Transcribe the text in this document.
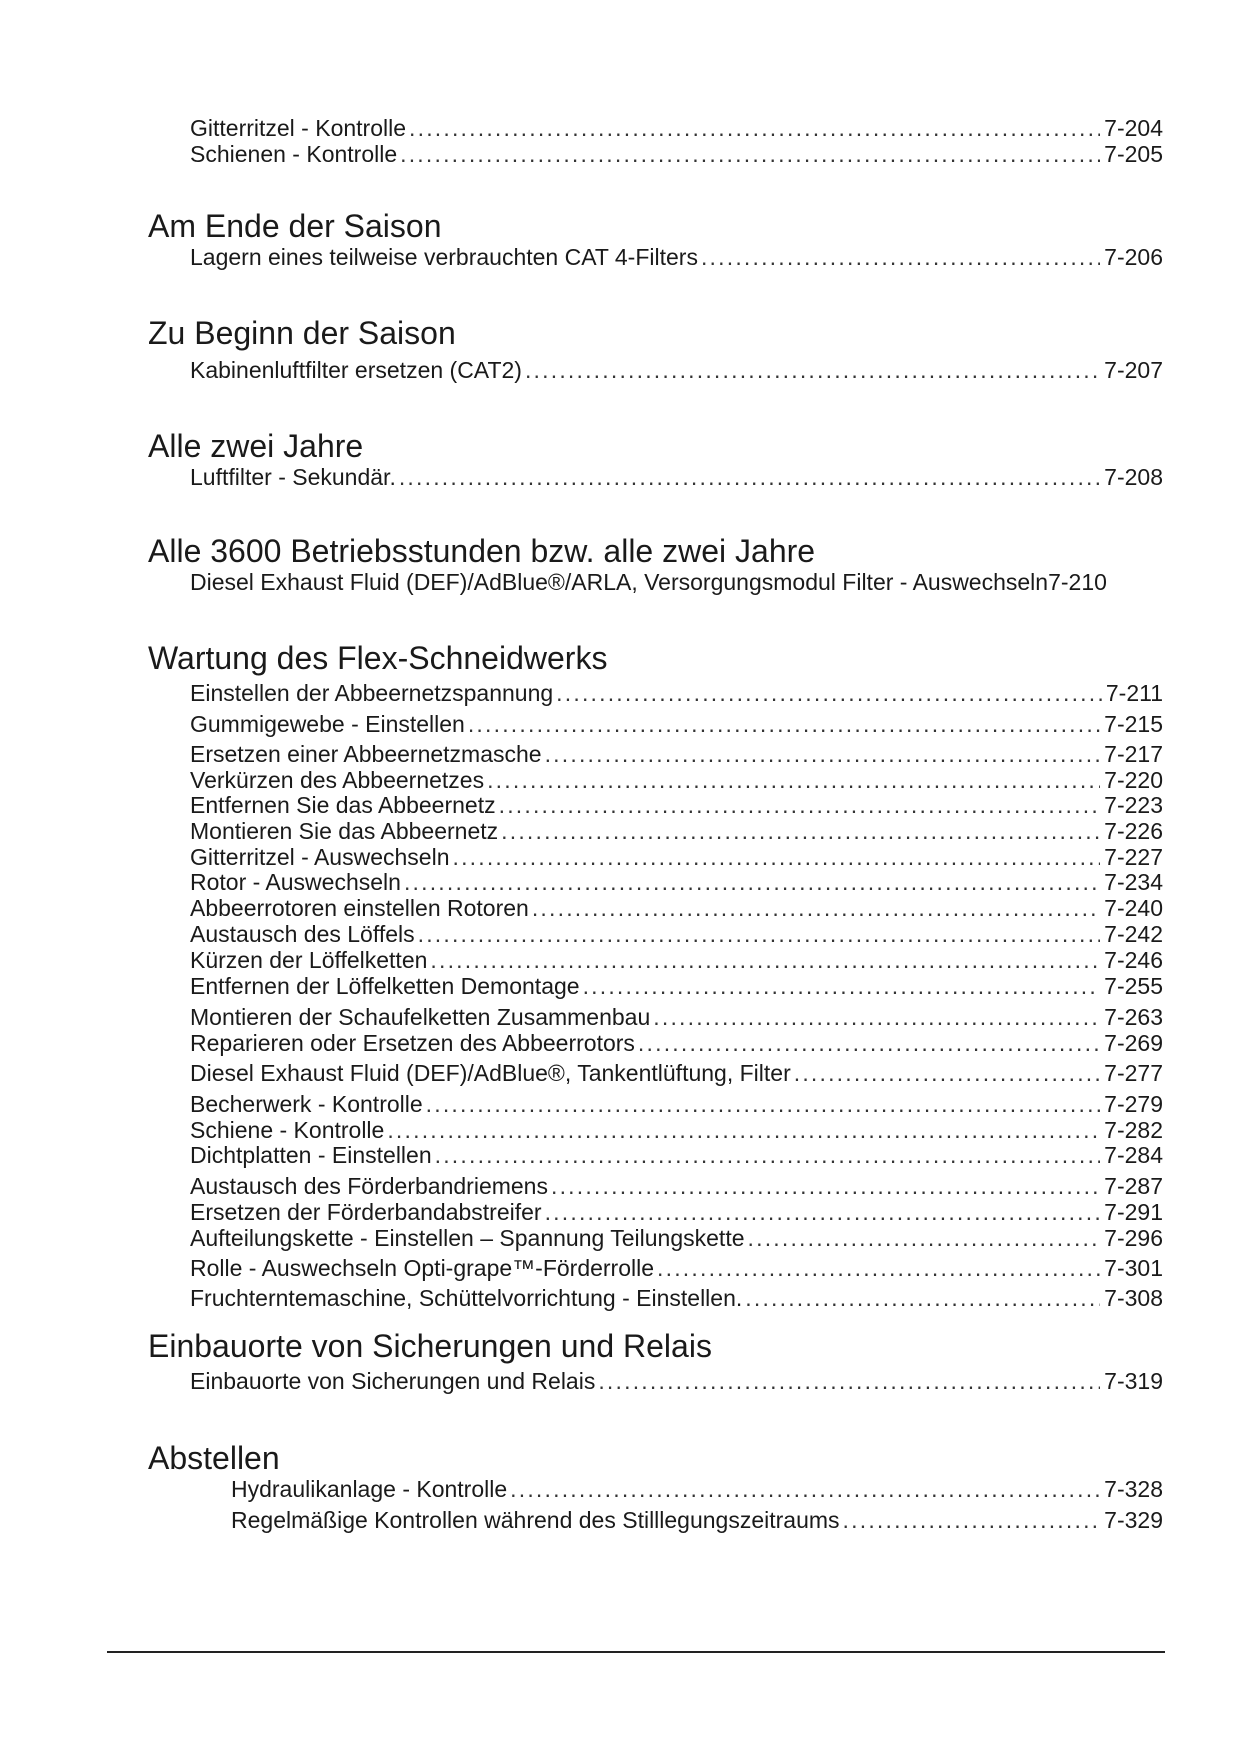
Gitterritzel - Kontrolle .....	7-204
Schienen - Kontrolle .....	7-205
Am Ende der Saison
Lagern eines teilweise verbrauchten CAT 4-Filters .....	7-206
Zu Beginn der Saison
Kabinenluftfilter ersetzen (CAT2) .....	7-207
Alle zwei Jahre
Luftfilter - Sekundär. .....	7-208
Alle 3600 Betriebsstunden bzw. alle zwei Jahre
Diesel Exhaust Fluid (DEF)/AdBlue®/ARLA, Versorgungsmodul Filter - Auswechseln 7-210
Wartung des Flex-Schneidwerks
Einstellen der Abbeernetzspannung .....	7-211
Gummigewebe - Einstellen .....	7-215
Ersetzen einer Abbeernetzmasche .....	7-217
Verkürzen des Abbeernetzes .....	7-220
Entfernen Sie das Abbeernetz .....	7-223
Montieren Sie das Abbeernetz .....	7-226
Gitterritzel - Auswechseln .....	7-227
Rotor - Auswechseln .....	7-234
Abbeerrotoren einstellen Rotoren .....	7-240
Austausch des Löffels .....	7-242
Kürzen der Löffelketten .....	7-246
Entfernen der Löffelketten Demontage .....	7-255
Montieren der Schaufelketten Zusammenbau .....	7-263
Reparieren oder Ersetzen des Abbeerrotors .....	7-269
Diesel Exhaust Fluid (DEF)/AdBlue®, Tankentlüftung, Filter .....	7-277
Becherwerk - Kontrolle .....	7-279
Schiene - Kontrolle .....	7-282
Dichtplatten - Einstellen .....	7-284
Austausch des Förderbandriemens .....	7-287
Ersetzen der Förderbandabstreifer .....	7-291
Aufteilungskette - Einstellen – Spannung Teilungskette .....	7-296
Rolle - Auswechseln Opti-grape™-Förderrolle .....	7-301
Fruchterntemaschine, Schüttelvorrichtung - Einstellen. .....	7-308
Einbauorte von Sicherungen und Relais
Einbauorte von Sicherungen und Relais .....	7-319
Abstellen
Hydraulikanlage - Kontrolle .....	7-328
Regelmäßige Kontrollen während des Stilllegungszeitraums .....	7-329
